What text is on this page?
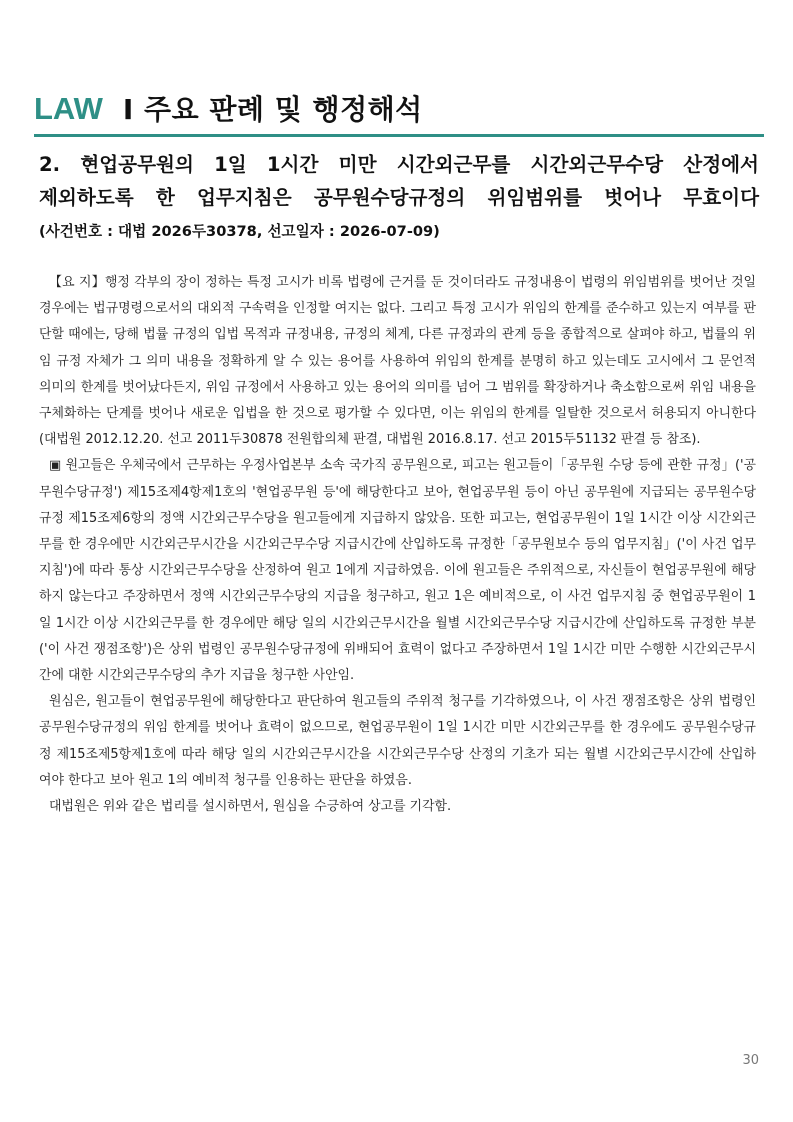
LAW I 주요 판례 및 행정해석
2. 현업공무원의 1일 1시간 미만 시간외근무를 시간외근무수당 산정에서
제외하도록 한 업무지침은 공무원수당규정의 위임범위를 벗어나 무효이다
(사건번호 : 대법 2026두30378, 선고일자 : 2026-07-09)

【요 지】행정 각부의 장이 정하는 특정 고시가 비록 법령에 근거를 둔 것이더라도 규정내용이 법령의 위임범위를 벗어난 것일 경우에는 법규명령으로서의 대외적 구속력을 인정할 여지는 없다. 그리고 특정 고시가 위임의 한계를 준수하고 있는지 여부를 판단할 때에는, 당해 법률 규정의 입법 목적과 규정내용, 규정의 체계, 다른 규정과의 관계 등을 종합적으로 살펴야 하고, 법률의 위임 규정 자체가 그 의미 내용을 정확하게 알 수 있는 용어를 사용하여 위임의 한계를 분명히 하고 있는데도 고시에서 그 문언적 의미의 한계를 벗어났다든지, 위임 규정에서 사용하고 있는 용어의 의미를 넘어 그 범위를 확장하거나 축소함으로써 위임 내용을 구체화하는 단계를 벗어나 새로운 입법을 한 것으로 평가할 수 있다면, 이는 위임의 한계를 일탈한 것으로서 허용되지 아니한다(대법원 2012.12.20. 선고 2011두30878 전원합의체 판결, 대법원 2016.8.17. 선고 2015두51132 판결 등 참조).

▣ 원고들은 우체국에서 근무하는 우정사업본부 소속 국가직 공무원으로, 피고는 원고들이「공무원 수당 등에 관한 규정」('공무원수당규정') 제15조제4항제1호의 '현업공무원 등'에 해당한다고 보아, 현업공무원 등이 아닌 공무원에 지급되는 공무원수당규정 제15조제6항의 정액 시간외근무수당을 원고들에게 지급하지 않았음. 또한 피고는, 현업공무원이 1일 1시간 이상 시간외근무를 한 경우에만 시간외근무시간을 시간외근무수당 지급시간에 산입하도록 규정한「공무원보수 등의 업무지침」('이 사건 업무지침')에 따라 통상 시간외근무수당을 산정하여 원고 1에게 지급하였음. 이에 원고들은 주위적으로, 자신들이 현업공무원에 해당하지 않는다고 주장하면서 정액 시간외근무수당의 지급을 청구하고, 원고 1은 예비적으로, 이 사건 업무지침 중 현업공무원이 1일 1시간 이상 시간외근무를 한 경우에만 해당 일의 시간외근무시간을 월별 시간외근무수당 지급시간에 산입하도록 규정한 부분('이 사건 쟁점조항')은 상위 법령인 공무원수당규정에 위배되어 효력이 없다고 주장하면서 1일 1시간 미만 수행한 시간외근무시간에 대한 시간외근무수당의 추가 지급을 청구한 사안임.

원심은, 원고들이 현업공무원에 해당한다고 판단하여 원고들의 주위적 청구를 기각하였으나, 이 사건 쟁점조항은 상위 법령인 공무원수당규정의 위임 한계를 벗어나 효력이 없으므로, 현업공무원이 1일 1시간 미만 시간외근무를 한 경우에도 공무원수당규정 제15조제5항제1호에 따라 해당 일의 시간외근무시간을 시간외근무수당 산정의 기초가 되는 월별 시간외근무시간에 산입하여야 한다고 보아 원고 1의 예비적 청구를 인용하는 판단을 하였음.

대법원은 위와 같은 법리를 설시하면서, 원심을 수긍하여 상고를 기각함.

30
